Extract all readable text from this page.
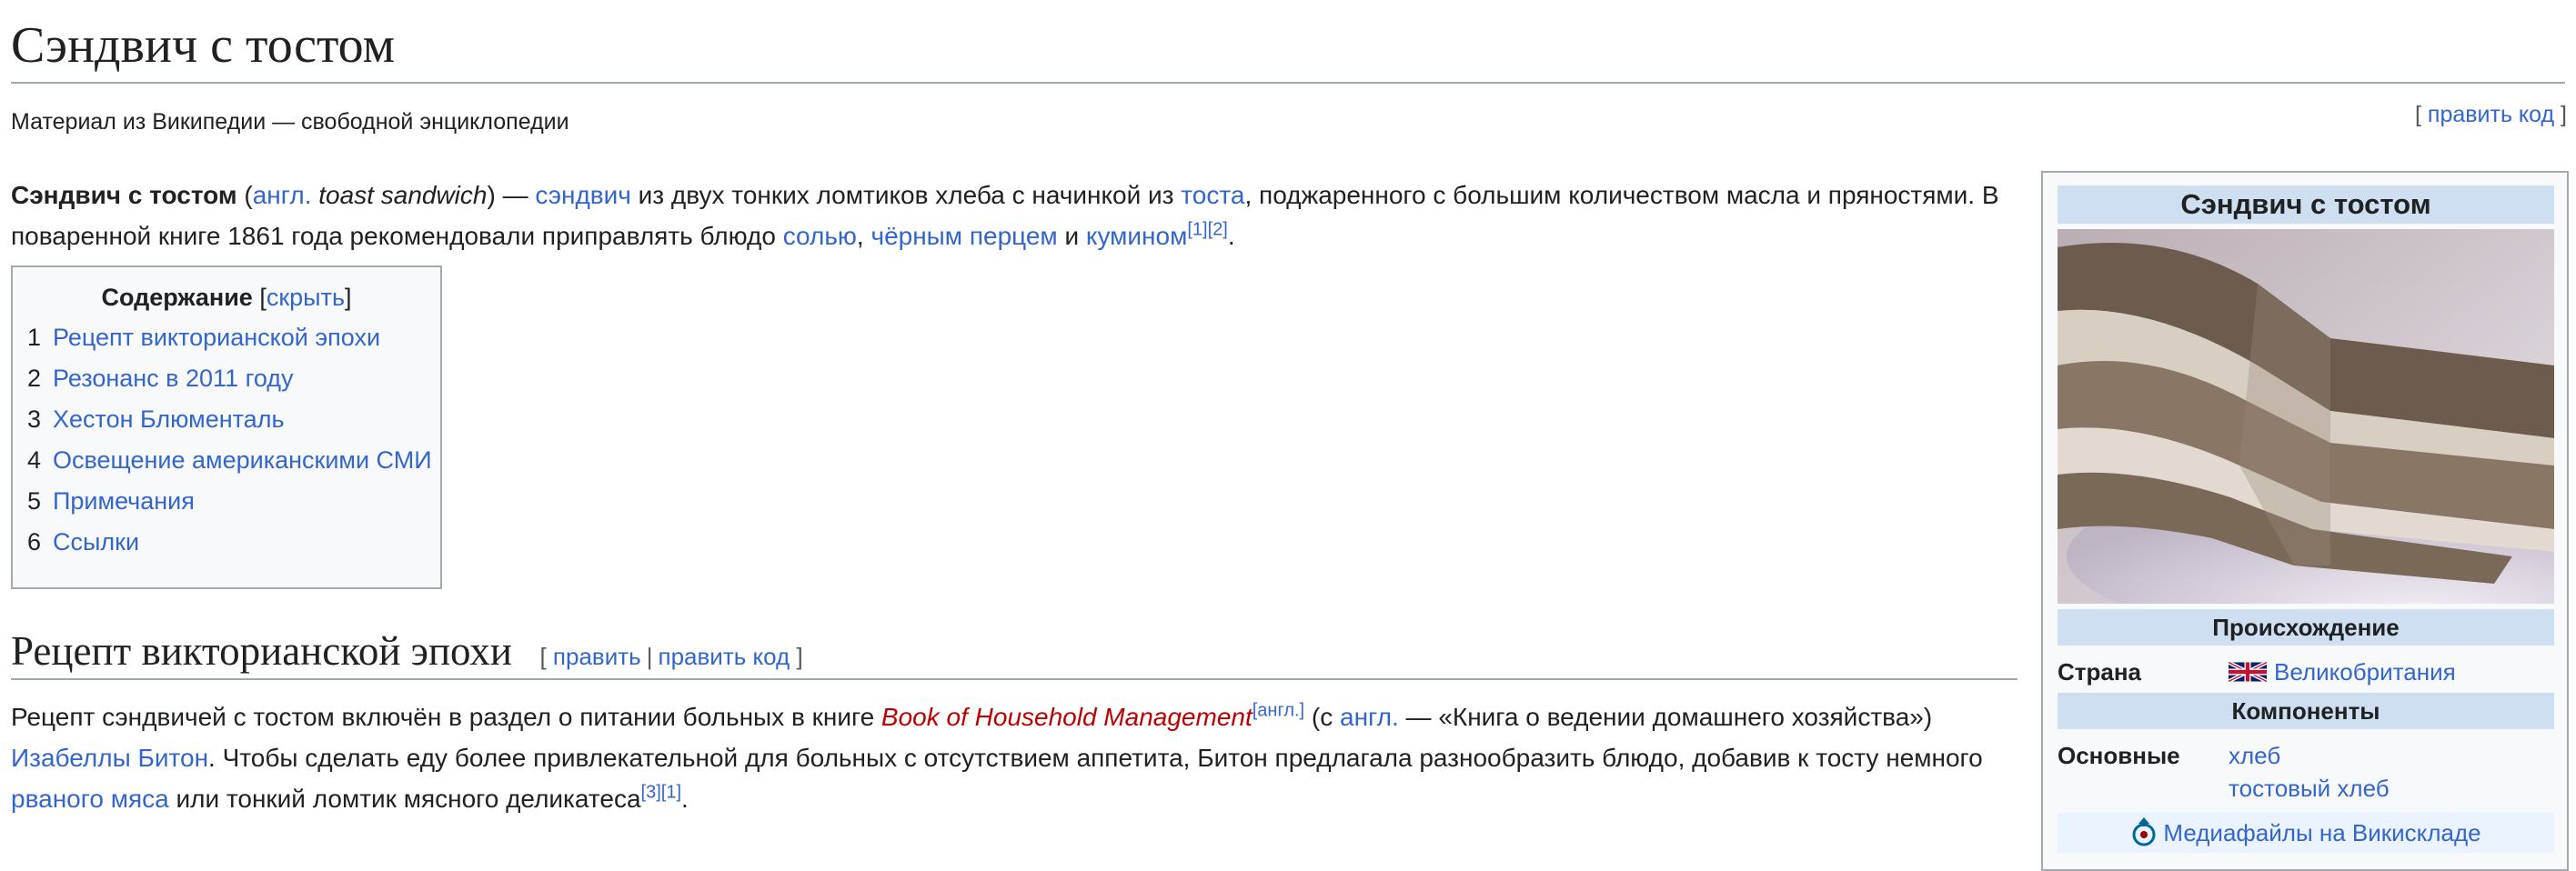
Сэндвич с тостом
Материал из Википедии — свободной энциклопедии	[ править код ]
Сэндвич с тостом (англ. toast sandwich) — сэндвич из двух тонких ломтиков хлеба с начинкой из тоста, поджаренного с большим количеством масла и пряностями. В поваренной книге 1861 года рекомендовали приправлять блюдо солью, чёрным перцем и кумином[1][2].
Содержание [скрыть]
1 Рецепт викторианской эпохи
2 Резонанс в 2011 году
3 Хестон Блюменталь
4 Освещение американскими СМИ
5 Примечания
6 Ссылки
Рецепт викторианской эпохи [ править | править код ]
Рецепт сэндвичей с тостом включён в раздел о питании больных в книге Book of Household Management[англ.] (с англ. — «Книга о ведении домашнего хозяйства») Изабеллы Битон. Чтобы сделать еду более привлекательной для больных с отсутствием аппетита, Битон предлагала разнообразить блюдо, добавив к тосту немного рваного мяса или тонкий ломтик мясного деликатеса[3][1].
Сэндвич с тостом
Происхождение
Страна	Великобритания
Компоненты
Основные хлеб
тостовый хлеб
Медиафайлы на Викискладе
